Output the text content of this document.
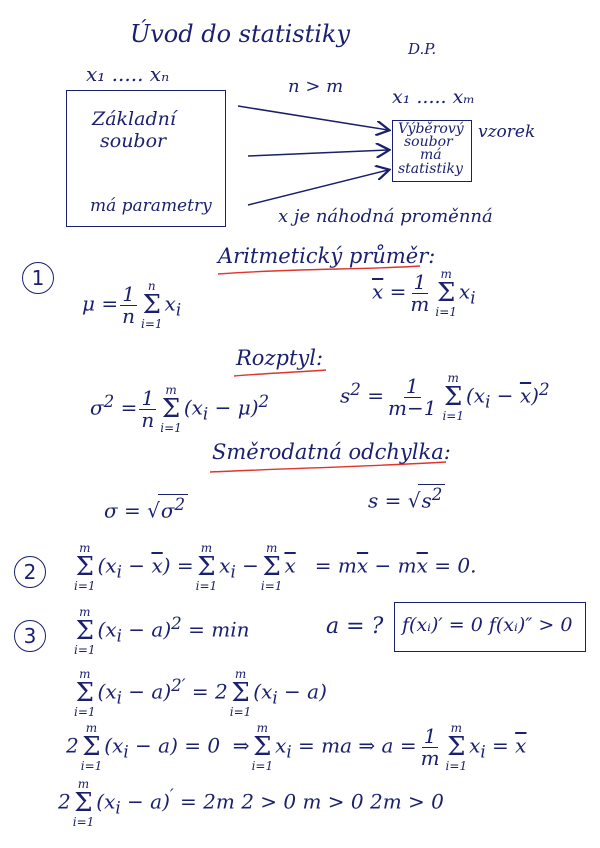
Úvod do statistiky
D.P.
x₁ ..... xₙ
Základní
soubor
má parametry
n > m	x₁ ..... xₘ
Výběrový
soubor
má
statistiky
vzorek
x je náhodná proměnná
1
Aritmetický průměr:
$\mu = \frac{1}{n}$ n
Σ
i=1
$x_i$
$\overline{x} = \frac{1}{m}$ m
Σ
i=1
$x_i$
Rozptyl:
$\sigma^2 = \frac{1}{n}$ m
Σ
i=1
$(x_i - \mu)^2$	$s^2 = \frac{1}{m-1}$ m
Σ
i=1
$(x_i - \overline{x})^2$
Směrodatná odchylka:
$\sigma = √\sigma^2$	$s = √s^2$
2
m
Σ
i=1
$(x_i - \overline{x})$ =
m
Σ
i=1
$x_i$ −
m
Σ
i=1
$\overline{x} = m\overline{x} - m\overline{x} = 0$.
3
m
Σ
i=1
$(x_i - a)^2 = \min$	a = ? f(xᵢ)′ = 0 f(xᵢ)″ > 0
m
Σ
i=1
$(x_i - a)^{2'} = 2$
m
Σ
i=1
$(x_i - a)$
2
m
Σ
i=1
$(x_i - a) = 0$  ⇒
m
Σ
i=1
$x_i$ = ma ⇒ $a = \frac{1}{m}$ m
Σ
i=1
$x_i = \overline{x}$
2
m
Σ
i=1
$(x_i - a)' = 2m$ 2 > 0 m > 0 2m > 0
